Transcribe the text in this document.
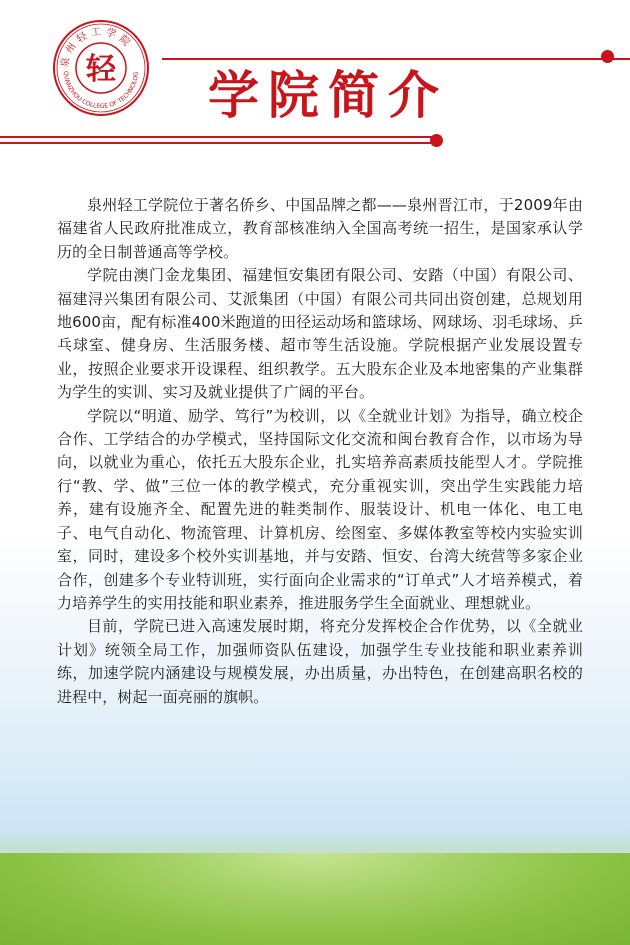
泉州轻工学院
QUANZHOU COLLEGE OF TECHNOLOG
轻 学院简介

泉州轻工学院位于著名侨乡、中国品牌之都——泉州晋江市，于2009年由福建省人民政府批准成立，教育部核准纳入全国高考统一招生，是国家承认学历的全日制普通高等学校。

学院由澳门金龙集团、福建恒安集团有限公司、安踏（中国）有限公司、福建浔兴集团有限公司、艾派集团（中国）有限公司共同出资创建，总规划用地600亩，配有标准400米跑道的田径运动场和篮球场、网球场、羽毛球场、乒乓球室、健身房、生活服务楼、超市等生活设施。学院根据产业发展设置专业，按照企业要求开设课程、组织教学。五大股东企业及本地密集的产业集群为学生的实训、实习及就业提供了广阔的平台。

学院以“明道、励学、笃行”为校训，以《全就业计划》为指导，确立校企合作、工学结合的办学模式，坚持国际文化交流和闽台教育合作，以市场为导向，以就业为重心，依托五大股东企业，扎实培养高素质技能型人才。学院推行“教、学、做”三位一体的教学模式，充分重视实训，突出学生实践能力培养，建有设施齐全、配置先进的鞋类制作、服装设计、机电一体化、电工电子、电气自动化、物流管理、计算机房、绘图室、多媒体教室等校内实验实训室，同时，建设多个校外实训基地，并与安踏、恒安、台湾大统营等多家企业合作，创建多个专业特训班，实行面向企业需求的“订单式”人才培养模式，着力培养学生的实用技能和职业素养，推进服务学生全面就业、理想就业。

目前，学院已进入高速发展时期，将充分发挥校企合作优势，以《全就业计划》统领全局工作，加强师资队伍建设，加强学生专业技能和职业素养训练，加速学院内涵建设与规模发展，办出质量，办出特色，在创建高职名校的进程中，树起一面亮丽的旗帜。
